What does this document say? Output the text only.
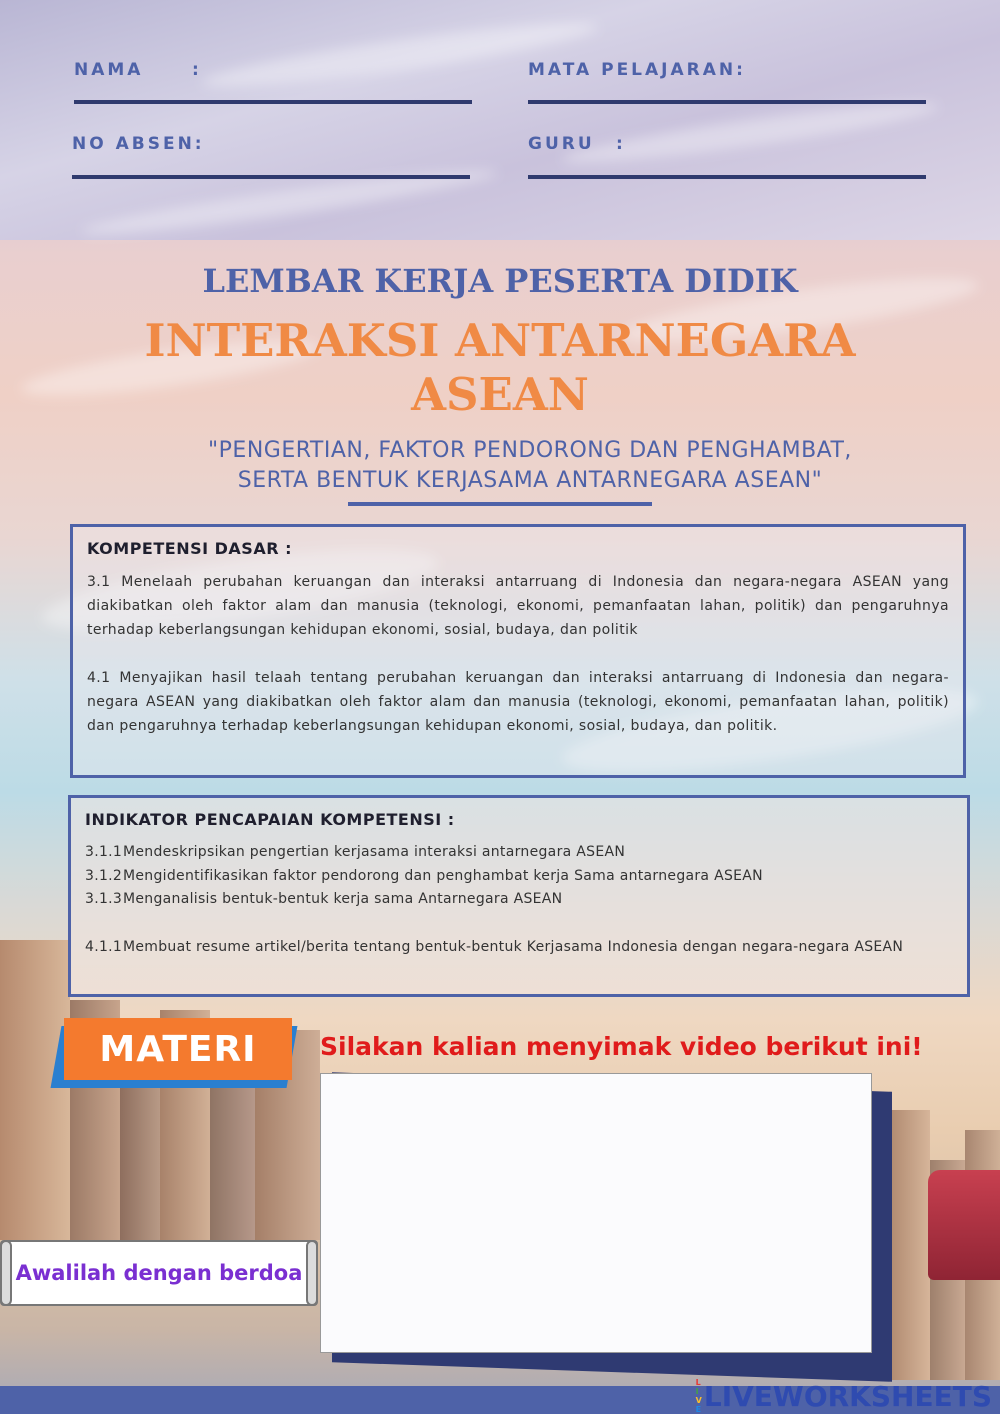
NAMA	:	MATA PELAJARAN:
NO ABSEN:	GURU :
LEMBAR KERJA PESERTA DIDIK
INTERAKSI ANTARNEGARA
ASEAN
"PENGERTIAN, FAKTOR PENDORONG DAN PENGHAMBAT,
SERTA BENTUK KERJASAMA ANTARNEGARA ASEAN"
KOMPETENSI DASAR :

3.1 Menelaah perubahan keruangan dan interaksi antarruang di Indonesia dan negara-negara ASEAN yang diakibatkan oleh faktor alam dan manusia (teknologi, ekonomi, pemanfaatan lahan, politik) dan pengaruhnya terhadap keberlangsungan kehidupan ekonomi, sosial, budaya, dan politik

4.1 Menyajikan hasil telaah tentang perubahan keruangan dan interaksi antarruang di Indonesia dan negara- negara ASEAN yang diakibatkan oleh faktor alam dan manusia (teknologi, ekonomi, pemanfaatan lahan, politik) dan pengaruhnya terhadap keberlangsungan kehidupan ekonomi, sosial, budaya, dan politik.

INDIKATOR PENCAPAIAN KOMPETENSI :
3.1.1 Mendeskripsikan pengertian kerjasama interaksi antarnegara ASEAN
3.1.2 Mengidentifikasikan faktor pendorong dan penghambat kerja Sama antarnegara ASEAN
3.1.3 Menganalisis bentuk-bentuk kerja sama Antarnegara ASEAN
4.1.1 Membuat resume artikel/berita tentang bentuk-bentuk Kerjasama Indonesia dengan negara-negara ASEAN
MATERI	Silakan kalian menyimak video berikut ini!
Awalilah dengan berdoa
L
I
V
E LIVEWORKSHEETS
